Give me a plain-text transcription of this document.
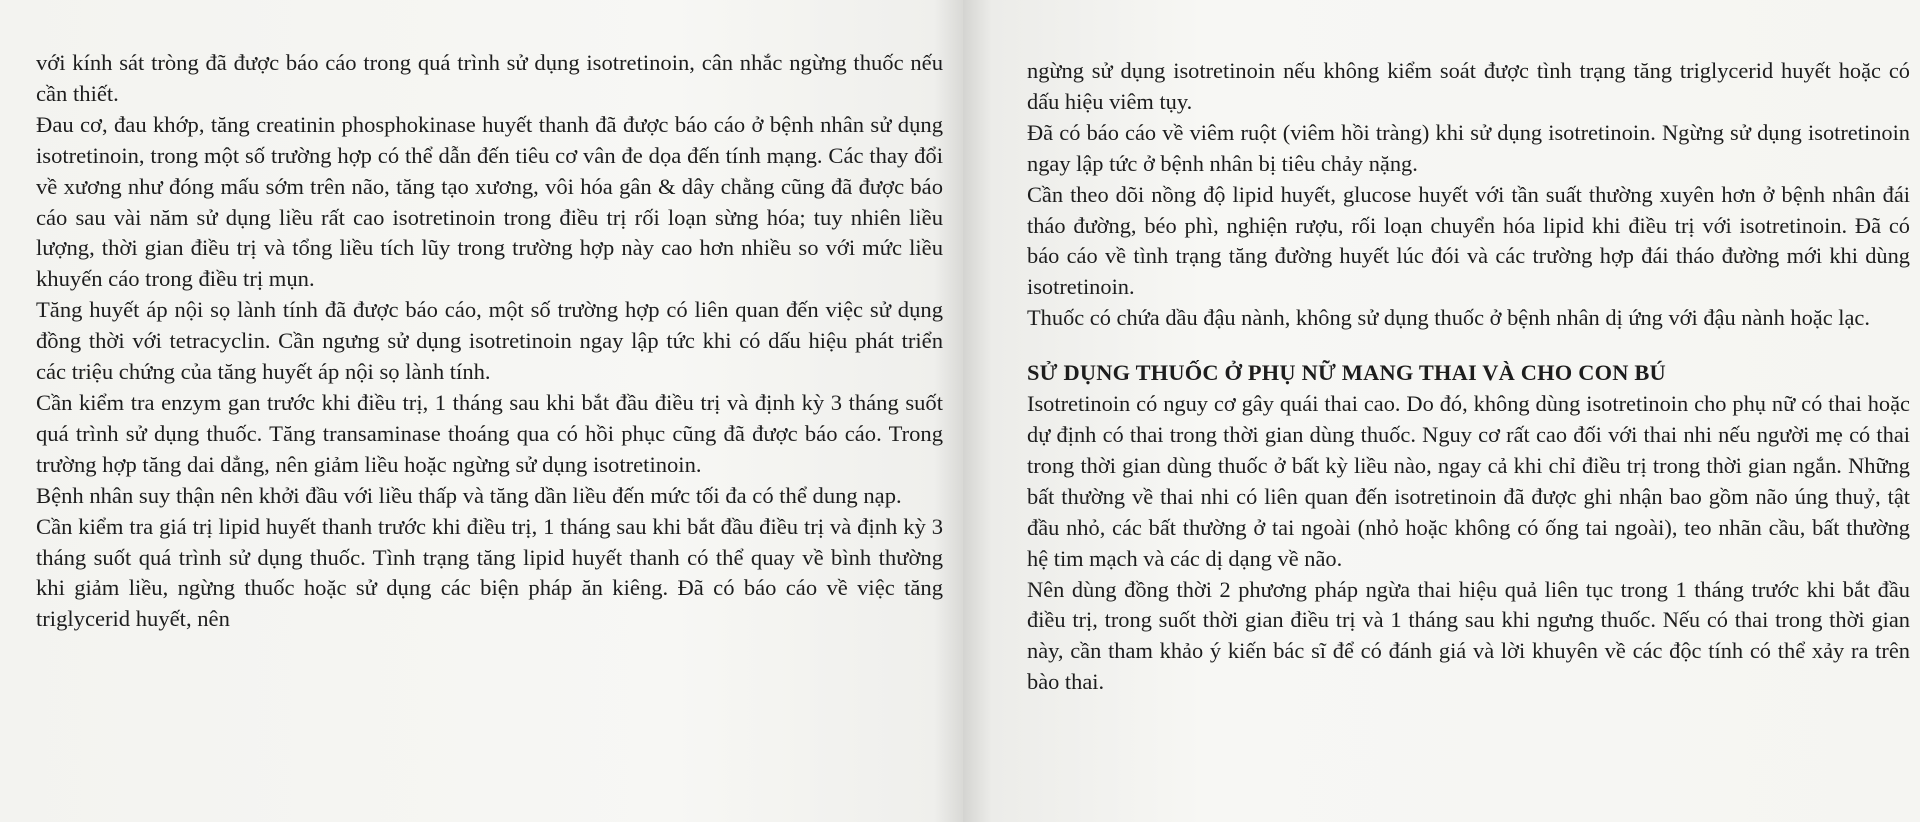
với kính sát tròng đã được báo cáo trong quá trình sử dụng isotretinoin, cân nhắc ngừng thuốc nếu cần thiết.

Đau cơ, đau khớp, tăng creatinin phosphokinase huyết thanh đã được báo cáo ở bệnh nhân sử dụng isotretinoin, trong một số trường hợp có thể dẫn đến tiêu cơ vân đe dọa đến tính mạng. Các thay đổi về xương như đóng mấu sớm trên não, tăng tạo xương, vôi hóa gân & dây chằng cũng đã được báo cáo sau vài năm sử dụng liều rất cao isotretinoin trong điều trị rối loạn sừng hóa; tuy nhiên liều lượng, thời gian điều trị và tổng liều tích lũy trong trường hợp này cao hơn nhiều so với mức liều khuyến cáo trong điều trị mụn.

Tăng huyết áp nội sọ lành tính đã được báo cáo, một số trường hợp có liên quan đến việc sử dụng đồng thời với tetracyclin. Cần ngưng sử dụng isotretinoin ngay lập tức khi có dấu hiệu phát triển các triệu chứng của tăng huyết áp nội sọ lành tính.

Cần kiểm tra enzym gan trước khi điều trị, 1 tháng sau khi bắt đầu điều trị và định kỳ 3 tháng suốt quá trình sử dụng thuốc. Tăng transaminase thoáng qua có hồi phục cũng đã được báo cáo. Trong trường hợp tăng dai dẳng, nên giảm liều hoặc ngừng sử dụng isotretinoin.

Bệnh nhân suy thận nên khởi đầu với liều thấp và tăng dần liều đến mức tối đa có thể dung nạp.

Cần kiểm tra giá trị lipid huyết thanh trước khi điều trị, 1 tháng sau khi bắt đầu điều trị và định kỳ 3 tháng suốt quá trình sử dụng thuốc. Tình trạng tăng lipid huyết thanh có thể quay về bình thường khi giảm liều, ngừng thuốc hoặc sử dụng các biện pháp ăn kiêng. Đã có báo cáo về việc tăng triglycerid huyết, nên

ngừng sử dụng isotretinoin nếu không kiểm soát được tình trạng tăng triglycerid huyết hoặc có dấu hiệu viêm tụy.

Đã có báo cáo về viêm ruột (viêm hồi tràng) khi sử dụng isotretinoin. Ngừng sử dụng isotretinoin ngay lập tức ở bệnh nhân bị tiêu chảy nặng.

Cần theo dõi nồng độ lipid huyết, glucose huyết với tần suất thường xuyên hơn ở bệnh nhân đái tháo đường, béo phì, nghiện rượu, rối loạn chuyển hóa lipid khi điều trị với isotretinoin. Đã có báo cáo về tình trạng tăng đường huyết lúc đói và các trường hợp đái tháo đường mới khi dùng isotretinoin.

Thuốc có chứa dầu đậu nành, không sử dụng thuốc ở bệnh nhân dị ứng với đậu nành hoặc lạc.

SỬ DỤNG THUỐC Ở PHỤ NỮ MANG THAI VÀ CHO CON BÚ

Isotretinoin có nguy cơ gây quái thai cao. Do đó, không dùng isotretinoin cho phụ nữ có thai hoặc dự định có thai trong thời gian dùng thuốc. Nguy cơ rất cao đối với thai nhi nếu người mẹ có thai trong thời gian dùng thuốc ở bất kỳ liều nào, ngay cả khi chỉ điều trị trong thời gian ngắn. Những bất thường về thai nhi có liên quan đến isotretinoin đã được ghi nhận bao gồm não úng thuỷ, tật đầu nhỏ, các bất thường ở tai ngoài (nhỏ hoặc không có ống tai ngoài), teo nhãn cầu, bất thường hệ tim mạch và các dị dạng về não.

Nên dùng đồng thời 2 phương pháp ngừa thai hiệu quả liên tục trong 1 tháng trước khi bắt đầu điều trị, trong suốt thời gian điều trị và 1 tháng sau khi ngưng thuốc. Nếu có thai trong thời gian này, cần tham khảo ý kiến bác sĩ để có đánh giá và lời khuyên về các độc tính có thể xảy ra trên bào thai.
